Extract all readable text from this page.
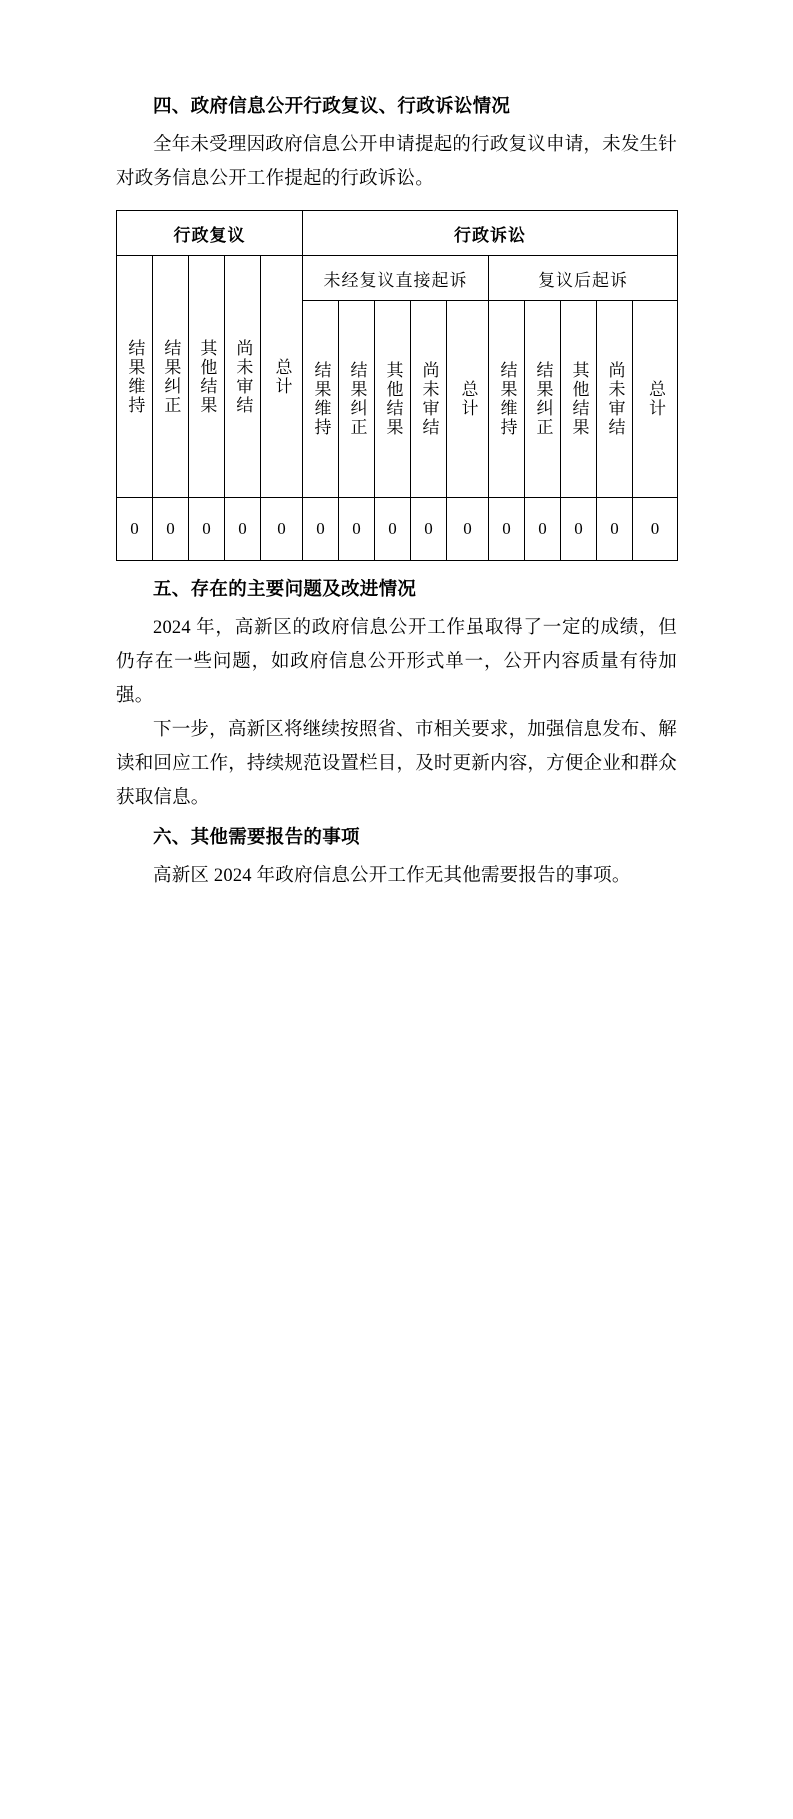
四、政府信息公开行政复议、行政诉讼情况

全年未受理因政府信息公开申请提起的行政复议申请，未发生针对政务信息公开工作提起的行政诉讼。

行政复议					行政诉讼									

结果维持	结果纠正	其他结果	尚未审结	总计	未经复议直接起诉					复议后起诉				

					结果维持	结果纠正	其他结果	尚未审结	总计	结果维持	结果纠正	其他结果	尚未审结	总计

0	0	0	0	0	0	0	0	0	0	0	0	0	0	0
五、存在的主要问题及改进情况

2024 年，高新区的政府信息公开工作虽取得了一定的成绩，但仍存在一些问题，如政府信息公开形式单一，公开内容质量有待加强。

下一步，高新区将继续按照省、市相关要求，加强信息发布、解读和回应工作，持续规范设置栏目，及时更新内容，方便企业和群众获取信息。

六、其他需要报告的事项

高新区 2024 年政府信息公开工作无其他需要报告的事项。
